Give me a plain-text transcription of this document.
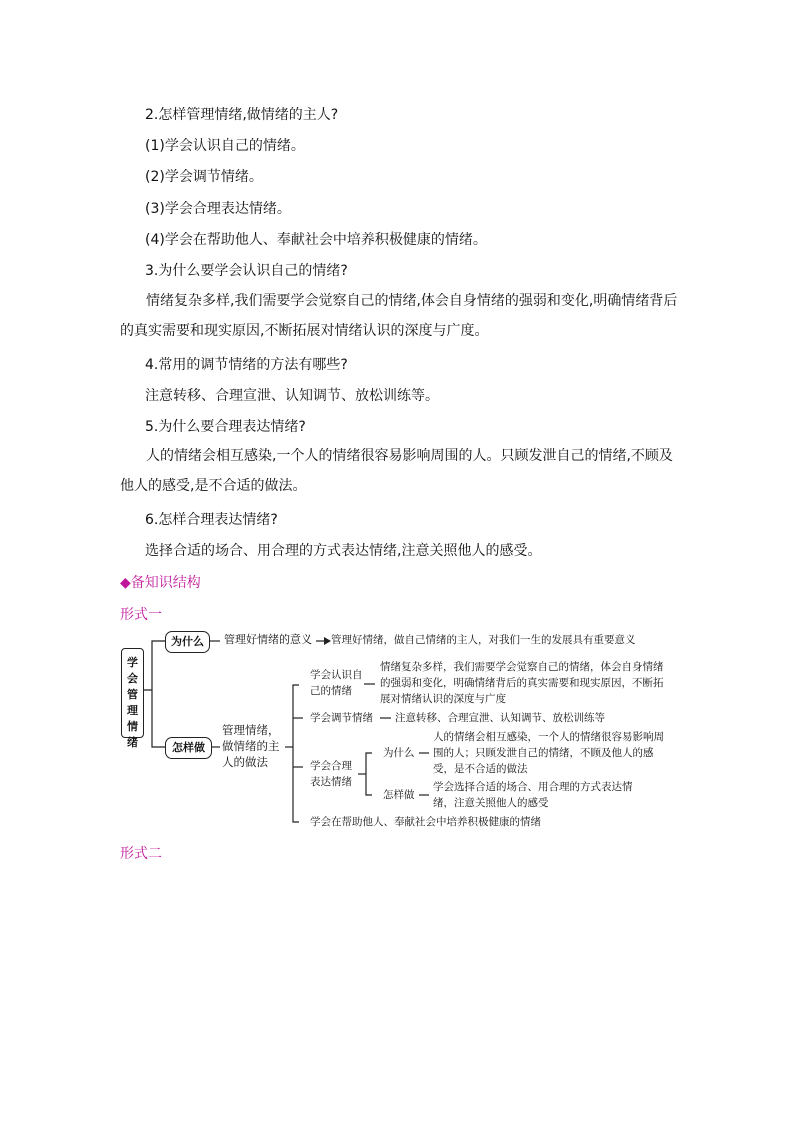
2.怎样管理情绪,做情绪的主人?
(1)学会认识自己的情绪。
(2)学会调节情绪。
(3)学会合理表达情绪。
(4)学会在帮助他人、奉献社会中培养积极健康的情绪。
3.为什么要学会认识自己的情绪?
情绪复杂多样,我们需要学会觉察自己的情绪,体会自身情绪的强弱和变化,明确情绪背后的真实需要和现实原因,不断拓展对情绪认识的深度与广度。
4.常用的调节情绪的方法有哪些?
注意转移、合理宣泄、认知调节、放松训练等。
5.为什么要合理表达情绪?
人的情绪会相互感染,一个人的情绪很容易影响周围的人。只顾发泄自己的情绪,不顾及他人的感受,是不合适的做法。
6.怎样合理表达情绪?
选择合适的场合、用合理的方式表达情绪,注意关照他人的感受。
◆备知识结构
形式一
形式二
学会管理情绪
为什么	管理好情绪的意义 管理好情绪，做自己情绪的主人，对我们一生的发展具有重要意义
怎样做
管理情绪，做情绪的主人的做法
学会认识自己的情绪
情绪复杂多样，我们需要学会觉察自己的情绪，体会自身情绪的强弱和变化，明确情绪背后的真实需要和现实原因，不断拓展对情绪认识的深度与广度
学会调节情绪 注意转移、合理宣泄、认知调节、放松训练等
学会合理表达情绪
为什么
人的情绪会相互感染，一个人的情绪很容易影响周围的人；只顾发泄自己的情绪，不顾及他人的感受，是不合适的做法
怎样做
学会选择合适的场合、用合理的方式表达情绪，注意关照他人的感受
学会在帮助他人、奉献社会中培养积极健康的情绪
